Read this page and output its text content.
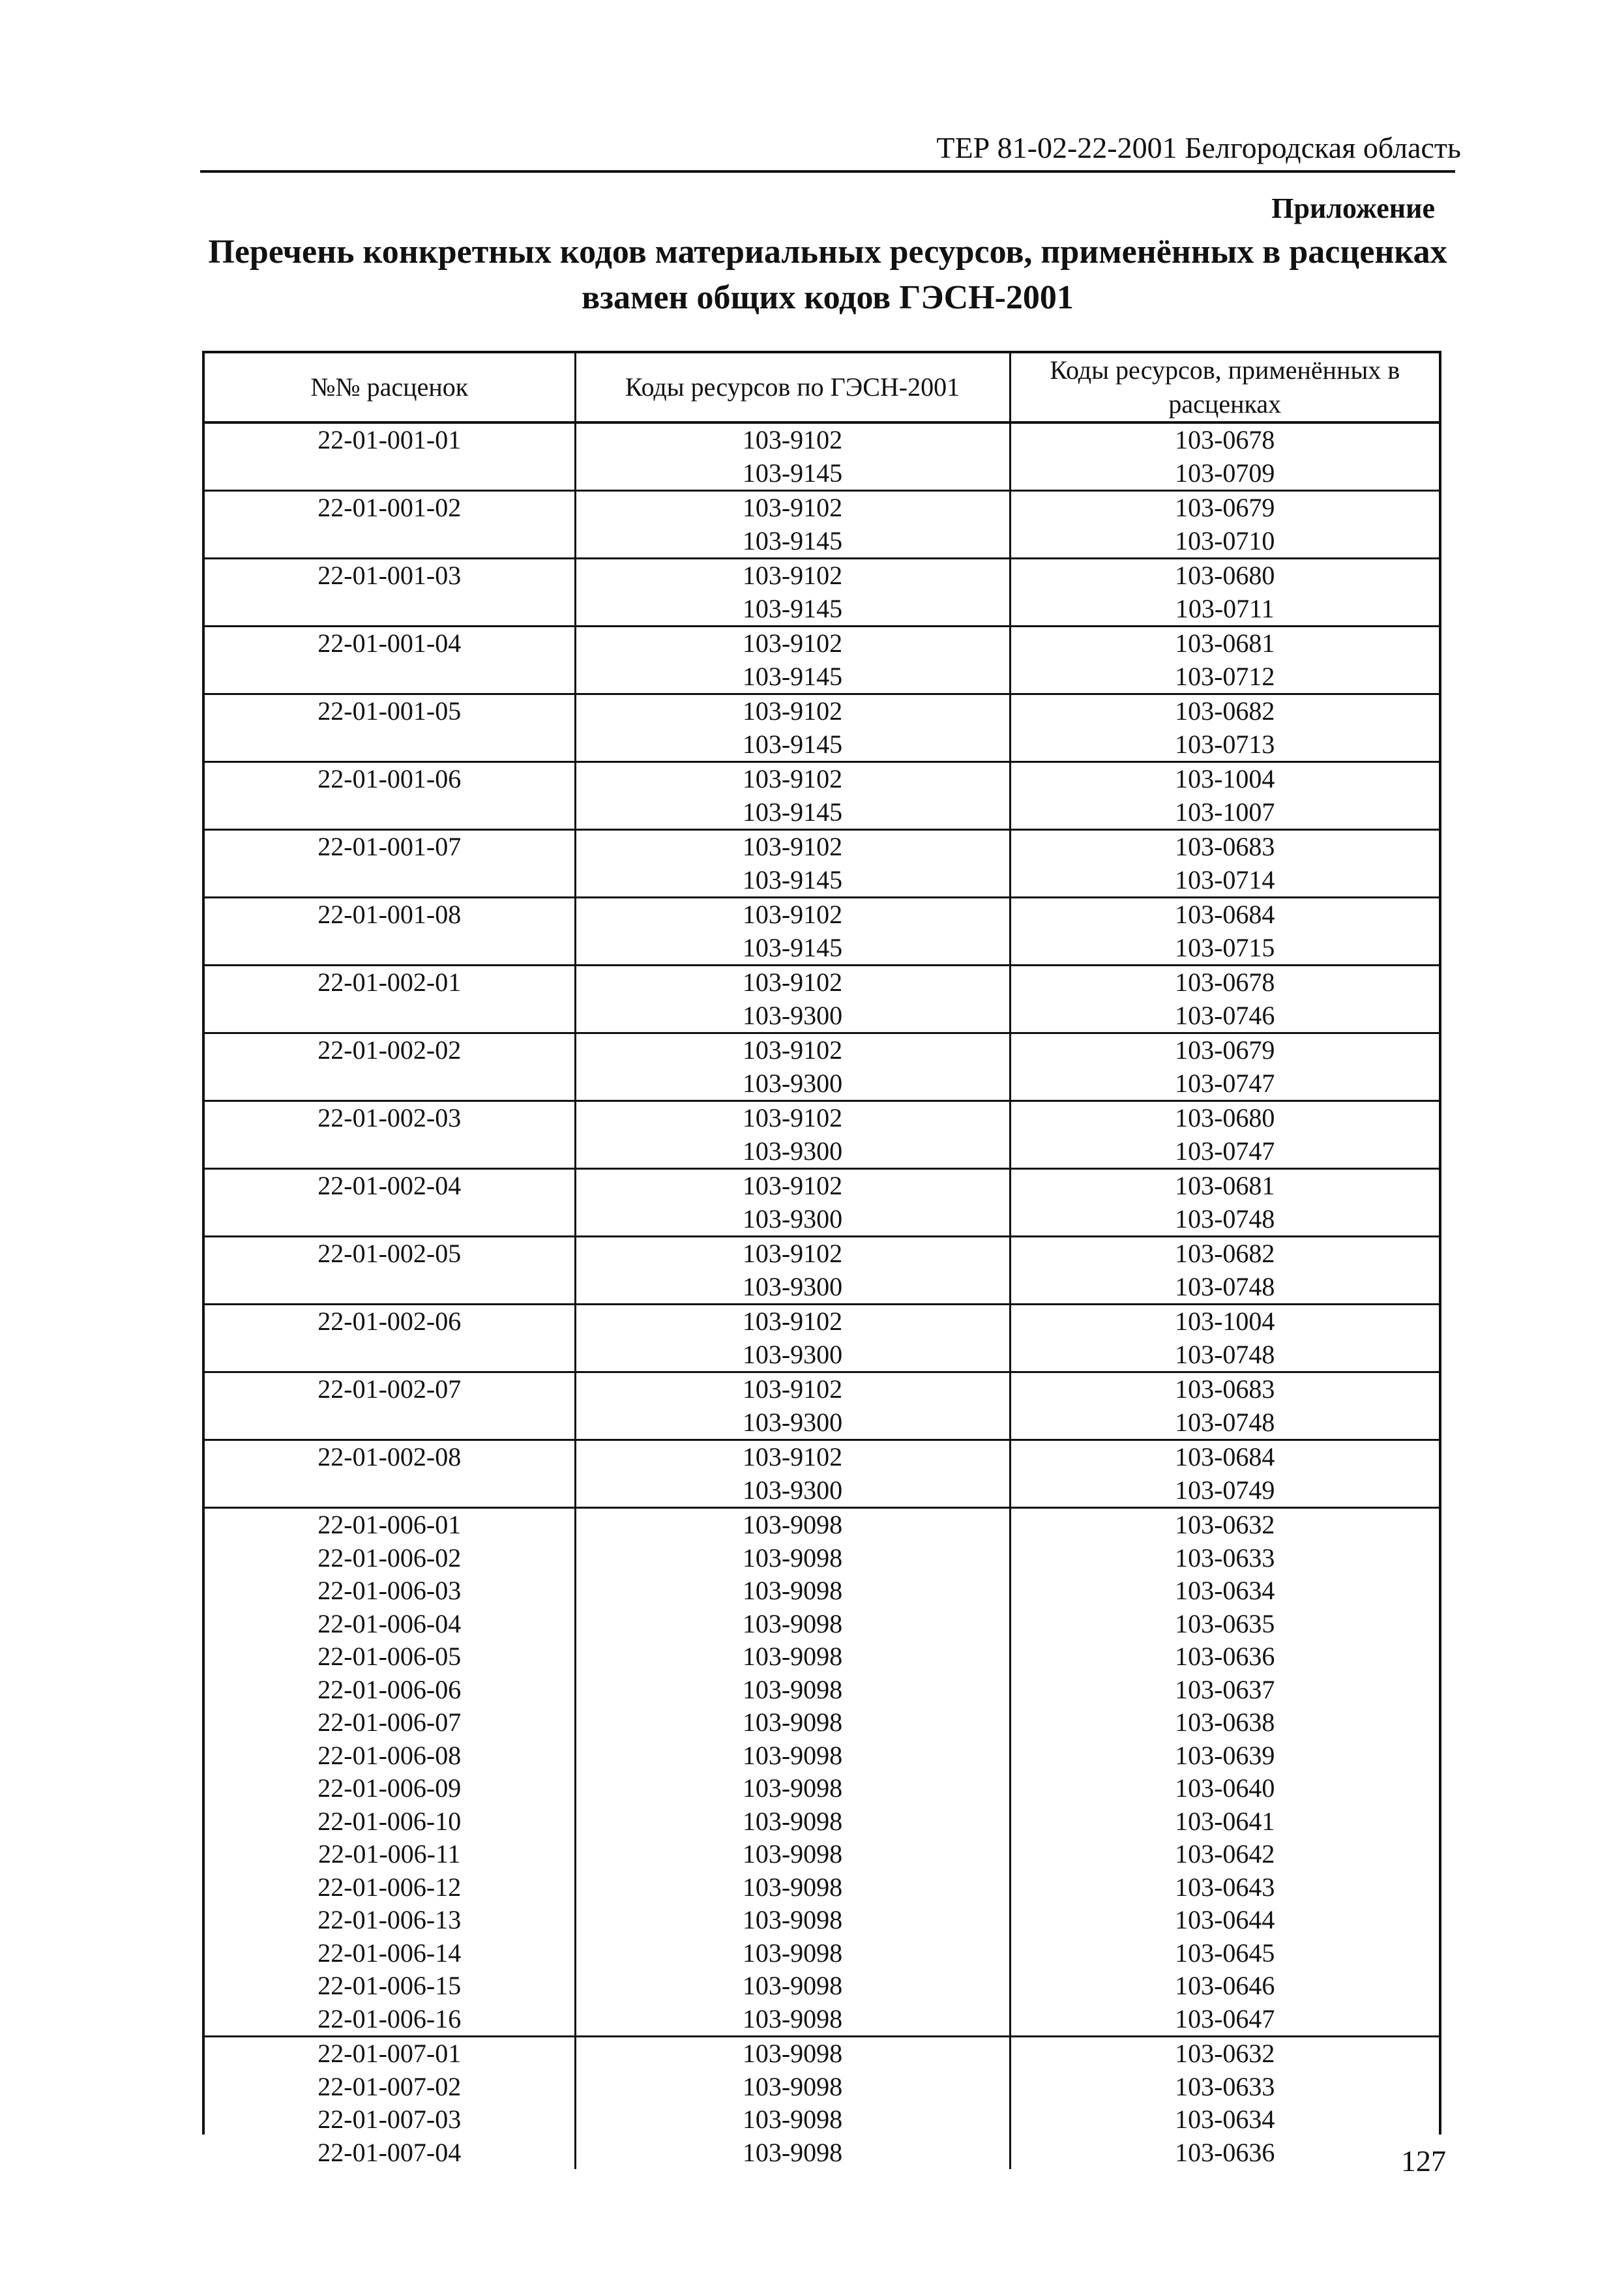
ТЕР 81-02-22-2001 Белгородская область
Приложение
Перечень конкретных кодов материальных ресурсов, применённых в расценках
взамен общих кодов ГЭСН-2001
№№ расценок	Коды ресурсов по ГЭСН-2001	Коды ресурсов, применённых в расценках
22-01-001-01	103-9102	103-0678
	103-9145	103-0709
22-01-001-02	103-9102	103-0679
	103-9145	103-0710
22-01-001-03	103-9102	103-0680
	103-9145	103-0711
22-01-001-04	103-9102	103-0681
	103-9145	103-0712
22-01-001-05	103-9102	103-0682
	103-9145	103-0713
22-01-001-06	103-9102	103-1004
	103-9145	103-1007
22-01-001-07	103-9102	103-0683
	103-9145	103-0714
22-01-001-08	103-9102	103-0684
	103-9145	103-0715
22-01-002-01	103-9102	103-0678
	103-9300	103-0746
22-01-002-02	103-9102	103-0679
	103-9300	103-0747
22-01-002-03	103-9102	103-0680
	103-9300	103-0747
22-01-002-04	103-9102	103-0681
	103-9300	103-0748
22-01-002-05	103-9102	103-0682
	103-9300	103-0748
22-01-002-06	103-9102	103-1004
	103-9300	103-0748
22-01-002-07	103-9102	103-0683
	103-9300	103-0748
22-01-002-08	103-9102	103-0684
	103-9300	103-0749
22-01-006-01	103-9098	103-0632
22-01-006-02	103-9098	103-0633
22-01-006-03	103-9098	103-0634
22-01-006-04	103-9098	103-0635
22-01-006-05	103-9098	103-0636
22-01-006-06	103-9098	103-0637
22-01-006-07	103-9098	103-0638
22-01-006-08	103-9098	103-0639
22-01-006-09	103-9098	103-0640
22-01-006-10	103-9098	103-0641
22-01-006-11	103-9098	103-0642
22-01-006-12	103-9098	103-0643
22-01-006-13	103-9098	103-0644
22-01-006-14	103-9098	103-0645
22-01-006-15	103-9098	103-0646
22-01-006-16	103-9098	103-0647
22-01-007-01	103-9098	103-0632
22-01-007-02	103-9098	103-0633
22-01-007-03	103-9098	103-0634
22-01-007-04	103-9098	103-0636	127
